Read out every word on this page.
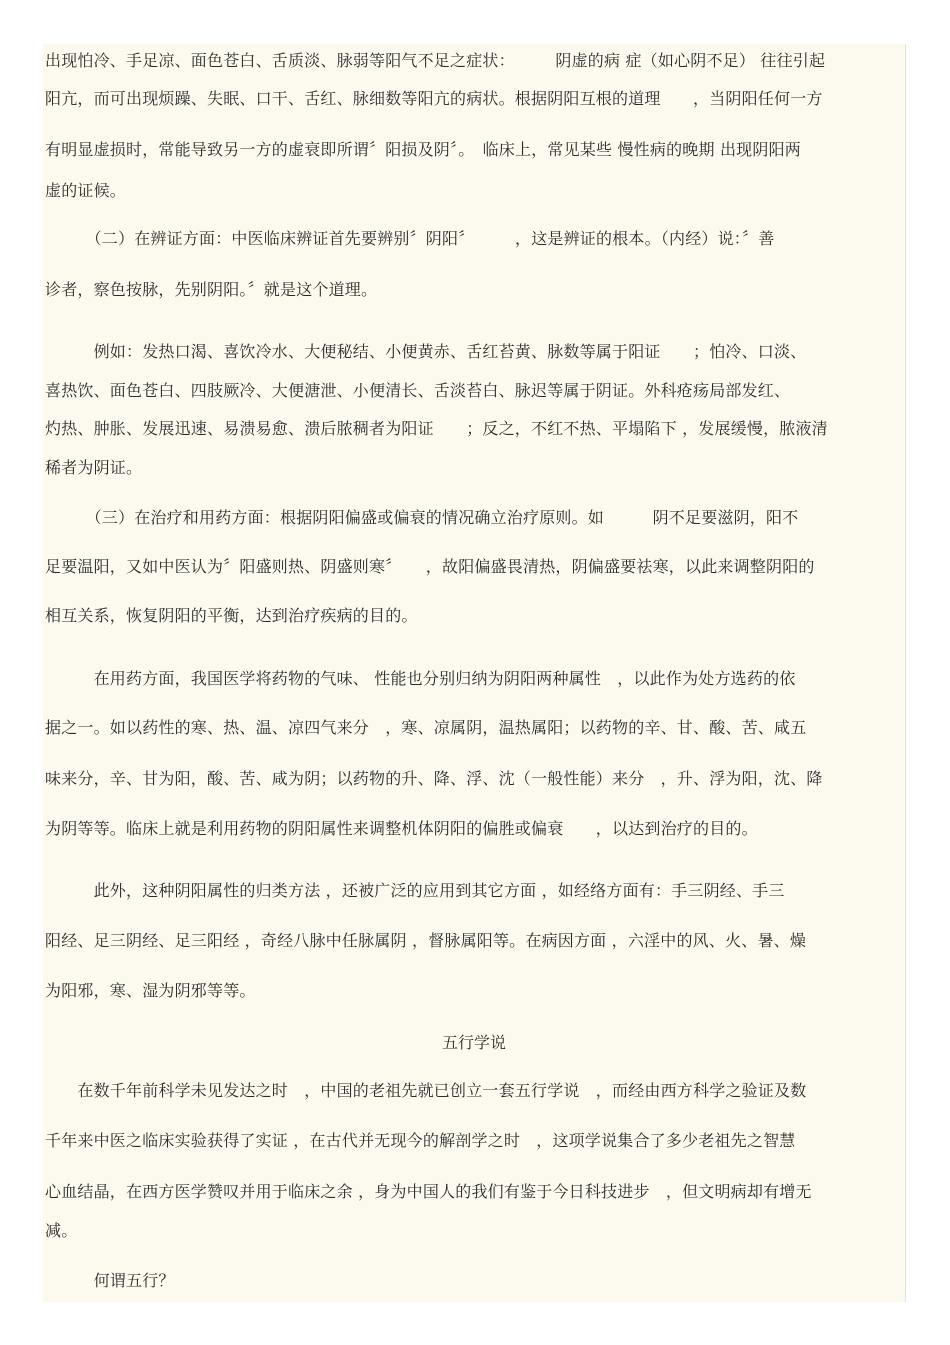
出现怕冷、手足凉、面色苍白、舌质淡、脉弱等阳气不足之症状：　　　阴虚的病 症（如心阴不足） 往往引起
阳亢，而可出现烦躁、失眠、口干、舌红、脉细数等阳亢的病状。根据阴阳互根的道理　　，当阴阳任何一方
有明显虚损时，常能导致另一方的虚衰即所谓〞阳损及阴〞。　临床上，常见某些 慢性病的晚期 出现阴阳两
虚的证候。
　　　（二）在辨证方面：中医临床辨证首先要辨别〞阴阳〞　　　，这是辨证的根本。（内经）说：〞善
诊者，察色按脉，先别阴阳。〞就是这个道理。
　　　例如：发热口渴、喜饮冷水、大便秘结、小便黄赤、舌红苔黄、脉数等属于阳证　　；怕冷、口淡、
喜热饮、面色苍白、四肢厥冷、大便溏泄、小便清长、舌淡苔白、脉迟等属于阴证。外科疮疡局部发红、
灼热、肿胀、发展迅速、易溃易愈、溃后脓稠者为阳证　　；反之，不红不热、平塌陷下 ，发展缓慢，脓液清
稀者为阴证。
　　　（三）在治疗和用药方面：根据阴阳偏盛或偏衰的情况确立治疗原则。如　　　阴不足要滋阴，阳不
足要温阳，又如中医认为〞阳盛则热、阴盛则寒〞　　，故阳偏盛畏清热，阴偏盛要祛寒，以此来调整阴阳的
相互关系，恢复阴阳的平衡，达到治疗疾病的目的。
　　　在用药方面，我国医学将药物的气味、 性能也分别归纳为阴阳两种属性　，以此作为处方选药的依
据之一。如以药性的寒、热、温、凉四气来分　，寒、凉属阴，温热属阳；以药物的辛、甘、酸、苦、咸五
味来分，辛、甘为阳，酸、苦、咸为阴；以药物的升、降、浮、沈（一般性能）来分　，升、浮为阳，沈、降
为阴等等。临床上就是利用药物的阴阳属性来调整机体阴阳的偏胜或偏衰　　，以达到治疗的目的。
　　　此外，这种阴阳属性的归类方法 ，还被广泛的应用到其它方面 ，如经络方面有：手三阴经、手三
阳经、足三阴经、足三阳经 ，奇经八脉中任脉属阴 ，督脉属阳等。在病因方面 ，六淫中的风、火、暑、燥
为阳邪，寒、湿为阴邪等等。
五行学说
　　在数千年前科学未见发达之时　，中国的老祖先就已创立一套五行学说　，而经由西方科学之验证及数
千年来中医之临床实验获得了实证 ，在古代并无现今的解剖学之时　，这项学说集合了多少老祖先之智慧
心血结晶，在西方医学赞叹并用于临床之余 ，身为中国人的我们有鉴于今日科技进步　，但文明病却有增无
减。
　　　何谓五行？
